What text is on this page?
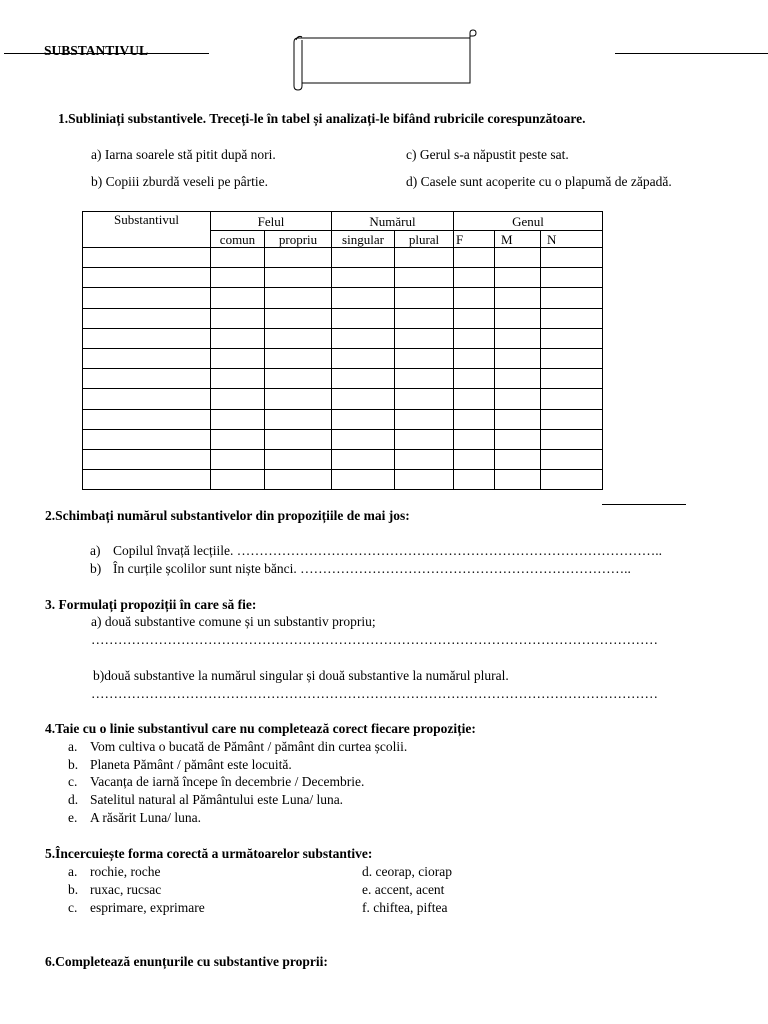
SUBSTANTIVUL
1.Subliniați substantivele. Treceți-le în tabel și analizați-le bifând rubricile corespunzătoare.
a) Iarna soarele stă pitit după nori.	c) Gerul s-a năpustit peste sat.
b) Copiii zburdă veseli pe pârtie.	d) Casele sunt acoperite cu o plapumă de zăpadă.
Substantivul	Felul		Numărul		Genul		
	comun	propriu	singular	plural	F	M	N

2.Schimbați numărul substantivelor din propozițiile de mai jos:
a) Copilul învață lecțiile. …………………………………………………………………………………..
b) În curțile școlilor sunt niște bănci. ………………………………………………………………..
3. Formulați propoziții în care să fie:
a) două substantive comune și un substantiv propriu;
………………………………………………………………………………………………………………
b)două substantive la numărul singular și două substantive la numărul plural.
………………………………………………………………………………………………………………
4.Taie cu o linie substantivul care nu completează corect fiecare propoziție:
a. Vom cultiva o bucată de Pământ / pământ din curtea școlii.
b. Planeta Pământ / pământ este locuită.
c. Vacanța de iarnă începe în decembrie / Decembrie.
d. Satelitul natural al Pământului este Luna/ luna.
e. A răsărit Luna/ luna.
5.Încercuiește forma corectă a următoarelor substantive:
a. rochie, roche
b. ruxac, rucsac
c. esprimare, exprimare
d. ceorap, ciorap
e. accent, acent
f. chiftea, piftea
6.Completează enunțurile cu substantive proprii:
